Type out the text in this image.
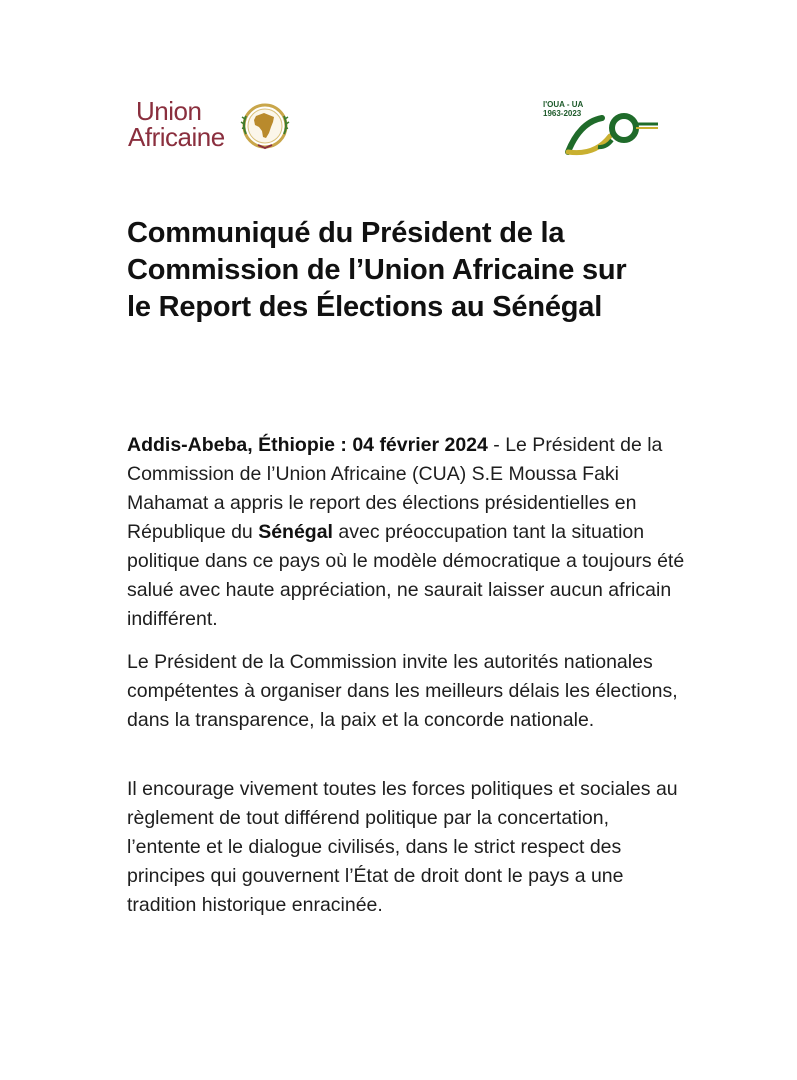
Union
Africaine
l'OUA - UA
1963-2023
Communiqué du Président de la Commission de l’Union Africaine sur le Report des Élections au Sénégal

Addis-Abeba, Éthiopie : 04 février 2024 - Le Président de la Commission de l’Union Africaine (CUA) S.E Moussa Faki Mahamat a appris le report des élections présidentielles en République du Sénégal avec préoccupation tant la situation politique dans ce pays où le modèle démocratique a toujours été salué avec haute appréciation, ne saurait laisser aucun africain indifférent.

Le Président de la Commission invite les autorités nationales compétentes à organiser dans les meilleurs délais les élections, dans la transparence, la paix et la concorde nationale.

Il encourage vivement toutes les forces politiques et sociales au règlement de tout différend politique par la concertation, l’entente et le dialogue civilisés, dans le strict respect des principes qui gouvernent l’État de droit dont le pays a une tradition historique enracinée.
